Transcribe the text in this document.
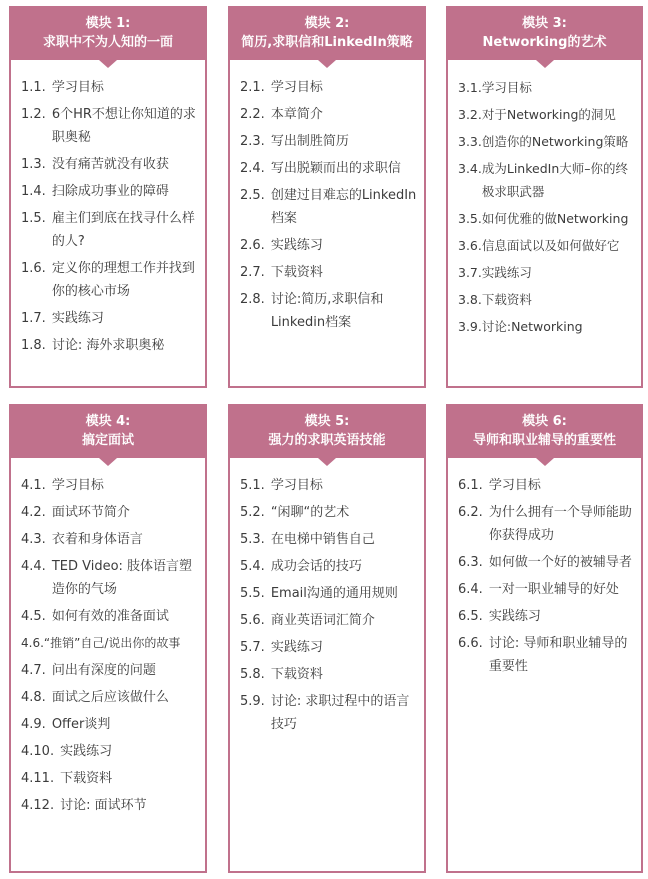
模块 1:
求职中不为人知的一面
1.1. 学习目标
1.2. 6个HR不想让你知道的求职奥秘
1.3. 没有痛苦就没有收获
1.4. 扫除成功事业的障碍
1.5. 雇主们到底在找寻什么样的人?
1.6. 定义你的理想工作并找到你的核心市场
1.7. 实践练习
1.8. 讨论: 海外求职奥秘
模块 2:
简历,求职信和LinkedIn策略
2.1. 学习目标
2.2. 本章简介
2.3. 写出制胜简历
2.4. 写出脱颖而出的求职信
2.5. 创建过目难忘的LinkedIn档案
2.6. 实践练习
2.7. 下载资料
2.8. 讨论:简历,求职信和Linkedin档案
模块 3:
Networking的艺术
3.1. 学习目标
3.2. 对于Networking的洞见
3.3. 创造你的Networking策略
3.4. 成为LinkedIn大师–你的终极求职武器
3.5. 如何优雅的做Networking
3.6. 信息面试以及如何做好它
3.7. 实践练习
3.8. 下载资料
3.9. 讨论:Networking
模块 4:
搞定面试
4.1. 学习目标
4.2. 面试环节简介
4.3. 衣着和身体语言
4.4. TED Video: 肢体语言塑造你的气场
4.5. 如何有效的准备面试
4.6. “推销”自己/说出你的故事
4.7. 问出有深度的问题
4.8. 面试之后应该做什么
4.9. Offer谈判
4.10. 实践练习
4.11. 下载资料
4.12. 讨论: 面试环节
模块 5:
强力的求职英语技能
5.1. 学习目标
5.2. “闲聊“的艺术
5.3. 在电梯中销售自己
5.4. 成功会话的技巧
5.5. Email沟通的通用规则
5.6. 商业英语词汇简介
5.7. 实践练习
5.8. 下载资料
5.9. 讨论: 求职过程中的语言技巧
模块 6:
导师和职业辅导的重要性
6.1. 学习目标
6.2. 为什么拥有一个导师能助你获得成功
6.3. 如何做一个好的被辅导者
6.4. 一对一职业辅导的好处
6.5. 实践练习
6.6. 讨论: 导师和职业辅导的重要性
